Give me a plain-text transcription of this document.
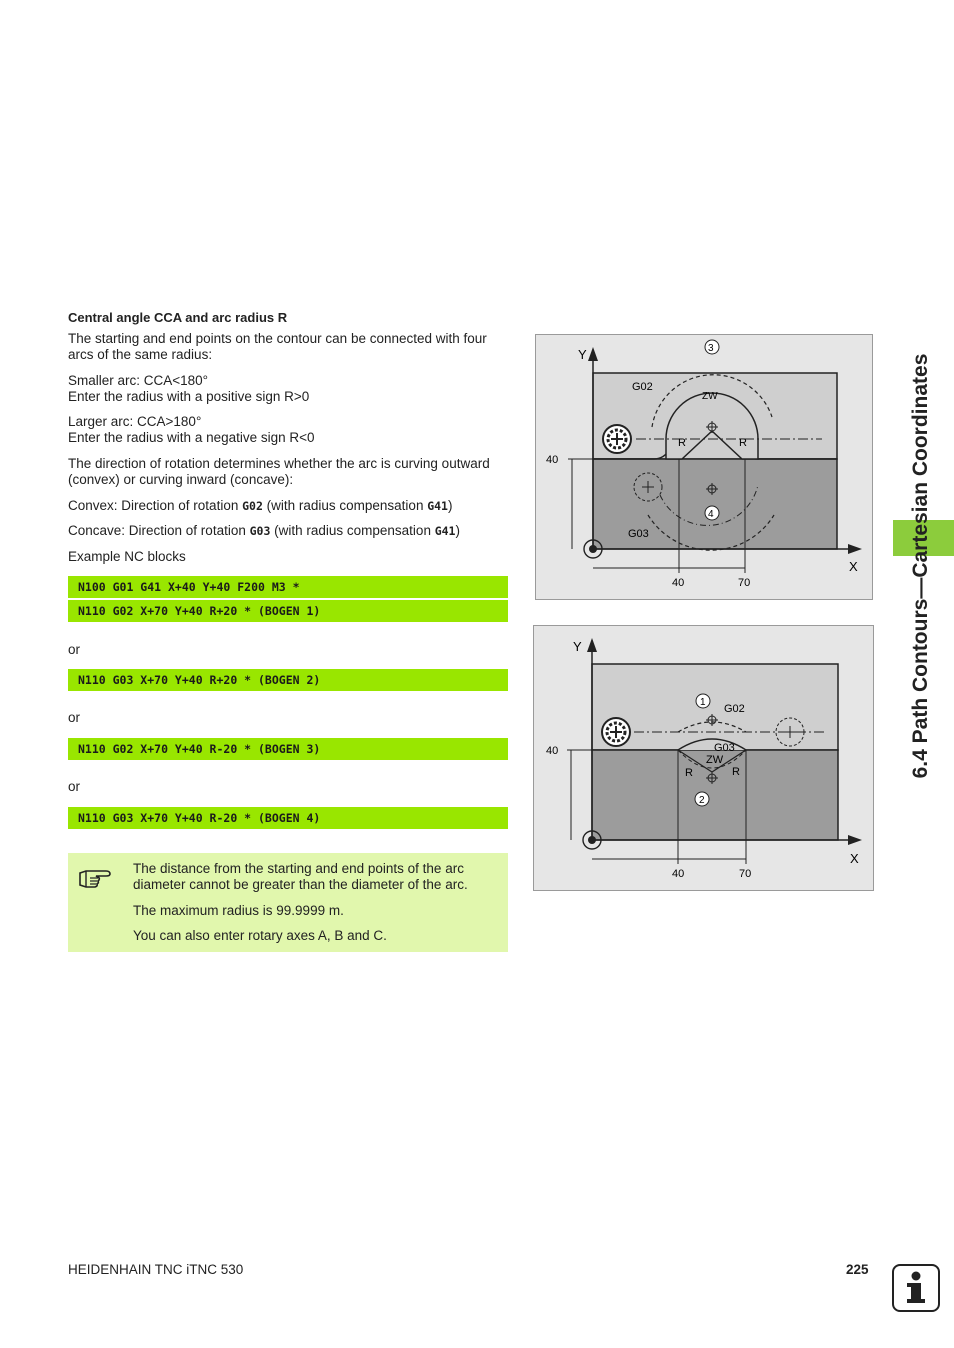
Central angle CCA and arc radius R
The starting and end points on the contour can be connected with four arcs of the same radius:
Smaller arc: CCA<180°
Enter the radius with a positive sign R>0
Larger arc: CCA>180°
Enter the radius with a negative sign R<0
The direction of rotation determines whether the arc is curving outward (convex) or curving inward (concave):
Convex: Direction of rotation G02 (with radius compensation G41)
Concave: Direction of rotation G03 (with radius compensation G41)
Example NC blocks
N100 G01 G41 X+40 Y+40 F200 M3 *
N110 G02 X+70 Y+40 R+20 * (BOGEN 1)
or
N110 G03 X+70 Y+40 R+20 * (BOGEN 2)
or
N110 G02 X+70 Y+40 R-20 * (BOGEN 3)
or
N110 G03 X+70 Y+40 R-20 * (BOGEN 4)

The distance from the starting and end points of the arc diameter cannot be greater than the diameter of the arc.

The maximum radius is 99.9999 m.

You can also enter rotary axes A, B and C.

Y
X
40
40	70
G02
G03
ZW
R	R
3
4
Y
X
40
40	70
G02
G03
ZW
R	R
1
2
6.4 Path Contours—Cartesian Coordinates
HEIDENHAIN TNC iTNC 530	225
